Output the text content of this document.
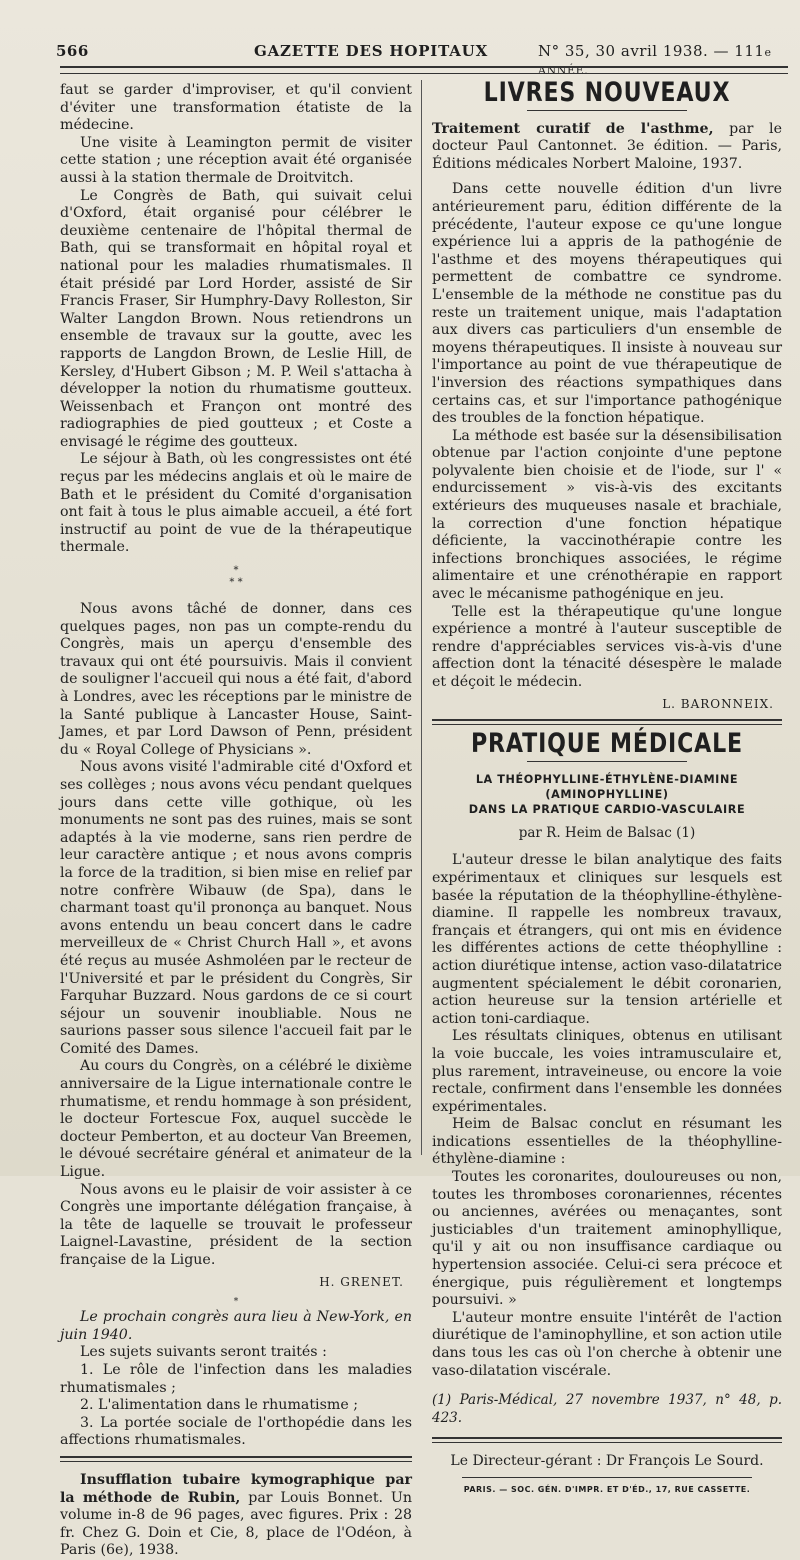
566	GAZETTE DES HOPITAUX	N° 35, 30 avril 1938. — 111e ANNÉE.

faut se garder d'improviser, et qu'il convient d'éviter une transformation étatiste de la médecine.

Une visite à Leamington permit de visiter cette station ; une réception avait été organisée aussi à la station thermale de Droitvitch.

Le Congrès de Bath, qui suivait celui d'Oxford, était organisé pour célébrer le deuxième centenaire de l'hôpital thermal de Bath, qui se transformait en hôpital royal et national pour les maladies rhumatismales. Il était présidé par Lord Horder, assisté de Sir Francis Fraser, Sir Humphry-Davy Rolleston, Sir Walter Langdon Brown. Nous retiendrons un ensemble de travaux sur la goutte, avec les rapports de Langdon Brown, de Leslie Hill, de Kersley, d'Hubert Gibson ; M. P. Weil s'attacha à développer la notion du rhumatisme goutteux. Weissenbach et Françon ont montré des radiographies de pied goutteux ; et Coste a envisagé le régime des goutteux.

Le séjour à Bath, où les congressistes ont été reçus par les médecins anglais et où le maire de Bath et le président du Comité d'organisation ont fait à tous le plus aimable accueil, a été fort instructif au point de vue de la thérapeutique thermale.

*
* *

Nous avons tâché de donner, dans ces quelques pages, non pas un compte-rendu du Congrès, mais un aperçu d'ensemble des travaux qui ont été poursuivis. Mais il convient de souligner l'accueil qui nous a été fait, d'abord à Londres, avec les réceptions par le ministre de la Santé publique à Lancaster House, Saint-James, et par Lord Dawson of Penn, président du « Royal College of Physicians ».

Nous avons visité l'admirable cité d'Oxford et ses collèges ; nous avons vécu pendant quelques jours dans cette ville gothique, où les monuments ne sont pas des ruines, mais se sont adaptés à la vie moderne, sans rien perdre de leur caractère antique ; et nous avons compris la force de la tradition, si bien mise en relief par notre confrère Wibauw (de Spa), dans le charmant toast qu'il prononça au banquet. Nous avons entendu un beau concert dans le cadre merveilleux de « Christ Church Hall », et avons été reçus au musée Ashmoléen par le recteur de l'Université et par le président du Congrès, Sir Farquhar Buzzard. Nous gardons de ce si court séjour un souvenir inoubliable. Nous ne saurions passer sous silence l'accueil fait par le Comité des Dames.

Au cours du Congrès, on a célébré le dixième anniversaire de la Ligue internationale contre le rhumatisme, et rendu hommage à son président, le docteur Fortescue Fox, auquel succède le docteur Pemberton, et au docteur Van Breemen, le dévoué secrétaire général et animateur de la Ligue.

Nous avons eu le plaisir de voir assister à ce Congrès une importante délégation française, à la tête de laquelle se trouvait le professeur Laignel-Lavastine, président de la section française de la Ligue.

H. GRENET.
*

Le prochain congrès aura lieu à New-York, en juin 1940.

Les sujets suivants seront traités :

1. Le rôle de l'infection dans les maladies rhumatismales ;

2. L'alimentation dans le rhumatisme ;

3. La portée sociale de l'orthopédie dans les affections rhumatismales.

Insufflation tubaire kymographique par la méthode de Rubin, par Louis Bonnet. Un volume in-8 de 96 pages, avec figures. Prix : 28 fr. Chez G. Doin et Cie, 8, place de l'Odéon, à Paris (6e), 1938.

LIVRES NOUVEAUX

Traitement curatif de l'asthme, par le docteur Paul Cantonnet. 3e édition. — Paris, Éditions médicales Norbert Maloine, 1937.

Dans cette nouvelle édition d'un livre antérieurement paru, édition différente de la précédente, l'auteur expose ce qu'une longue expérience lui a appris de la pathogénie de l'asthme et des moyens thérapeutiques qui permettent de combattre ce syndrome. L'ensemble de la méthode ne constitue pas du reste un traitement unique, mais l'adaptation aux divers cas particuliers d'un ensemble de moyens thérapeutiques. Il insiste à nouveau sur l'importance au point de vue thérapeutique de l'inversion des réactions sympathiques dans certains cas, et sur l'importance pathogénique des troubles de la fonction hépatique.

La méthode est basée sur la désensibilisation obtenue par l'action conjointe d'une peptone polyvalente bien choisie et de l'iode, sur l' « endurcissement » vis-à-vis des excitants extérieurs des muqueuses nasale et brachiale, la correction d'une fonction hépatique déficiente, la vaccinothérapie contre les infections bronchiques associées, le régime alimentaire et une crénothérapie en rapport avec le mécanisme pathogénique en jeu.

Telle est la thérapeutique qu'une longue expérience a montré à l'auteur susceptible de rendre d'appréciables services vis-à-vis d'une affection dont la ténacité désespère le malade et déçoit le médecin.

L. BARONNEIX.
PRATIQUE MÉDICALE
LA THÉOPHYLLINE-ÉTHYLÈNE-DIAMINE (AMINOPHYLLINE)
DANS LA PRATIQUE CARDIO-VASCULAIRE
par R. Heim de Balsac (1)

L'auteur dresse le bilan analytique des faits expérimentaux et cliniques sur lesquels est basée la réputation de la théophylline-éthylène-diamine. Il rappelle les nombreux travaux, français et étrangers, qui ont mis en évidence les différentes actions de cette théophylline : action diurétique intense, action vaso-dilatatrice augmentent spécialement le débit coronarien, action heureuse sur la tension artérielle et action toni-cardiaque.

Les résultats cliniques, obtenus en utilisant la voie buccale, les voies intramusculaire et, plus rarement, intraveineuse, ou encore la voie rectale, confirment dans l'ensemble les données expérimentales.

Heim de Balsac conclut en résumant les indications essentielles de la théophylline-éthylène-diamine :

Toutes les coronarites, douloureuses ou non, toutes les thromboses coronariennes, récentes ou anciennes, avérées ou menaçantes, sont justiciables d'un traitement aminophyllique, qu'il y ait ou non insuffisance cardiaque ou hypertension associée. Celui-ci sera précoce et énergique, puis régulièrement et longtemps poursuivi. »

L'auteur montre ensuite l'intérêt de l'action diurétique de l'aminophylline, et son action utile dans tous les cas où l'on cherche à obtenir une vaso-dilatation viscérale.

(1) Paris-Médical, 27 novembre 1937, n° 48, p. 423.
Le Directeur-gérant : Dr François Le Sourd.
PARIS. — SOC. GÉN. D'IMPR. ET D'ÉD., 17, RUE CASSETTE.
